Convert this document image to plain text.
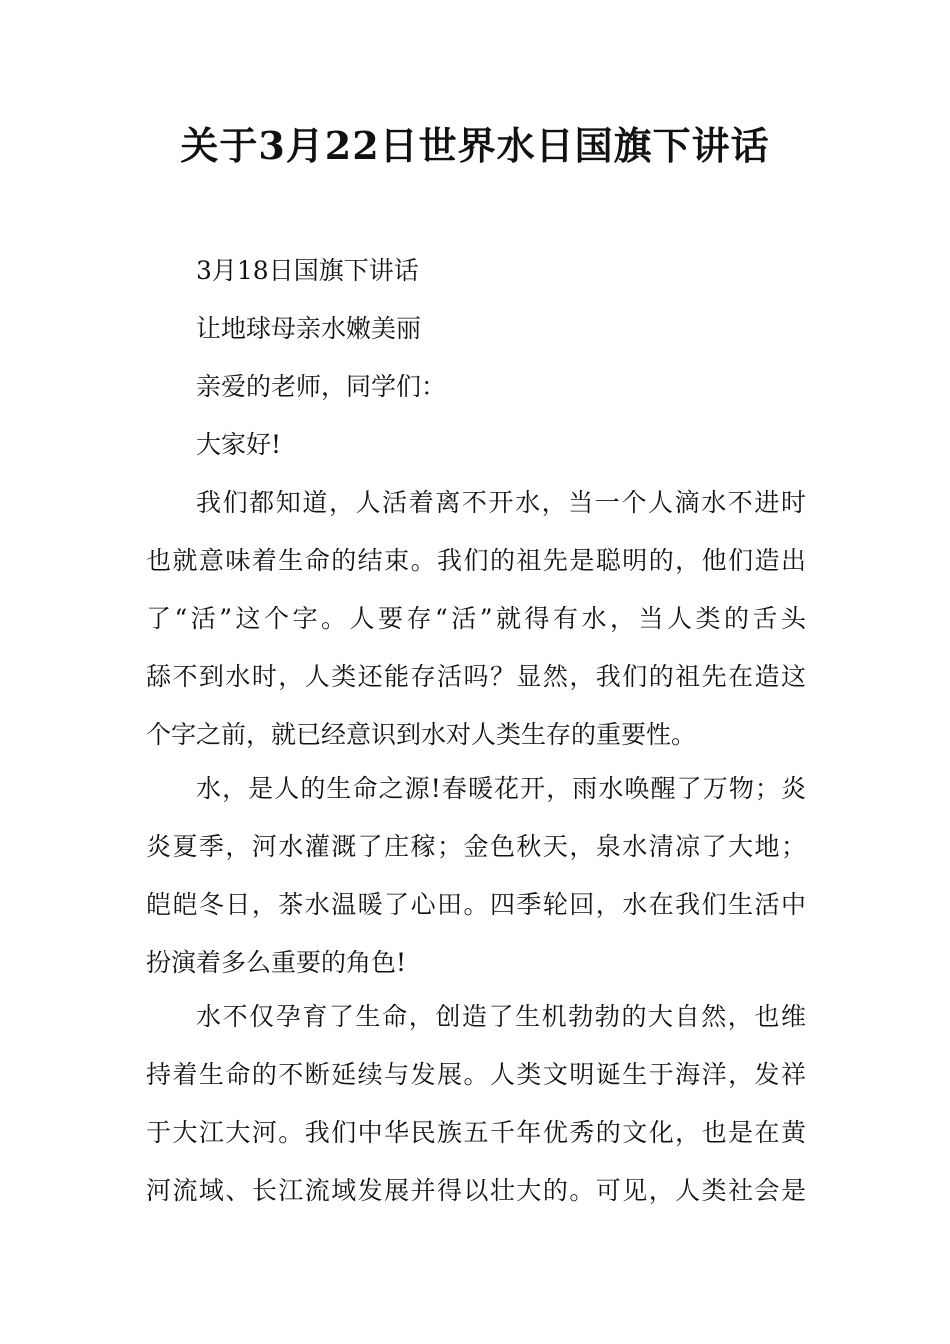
关于3月22日世界水日国旗下讲话
3月18日国旗下讲话
让地球母亲水嫩美丽
亲爱的老师，同学们：
大家好!
我们都知道，人活着离不开水，当一个人滴水不进时
也就意味着生命的结束。我们的祖先是聪明的，他们造出
了“活”这个字。人要存“活”就得有水，当人类的舌头
舔不到水时，人类还能存活吗？显然，我们的祖先在造这
个字之前，就已经意识到水对人类生存的重要性。
水，是人的生命之源!春暖花开，雨水唤醒了万物；炎
炎夏季，河水灌溉了庄稼；金色秋天，泉水清凉了大地；
皑皑冬日，茶水温暖了心田。四季轮回，水在我们生活中
扮演着多么重要的角色!
水不仅孕育了生命，创造了生机勃勃的大自然，也维
持着生命的不断延续与发展。人类文明诞生于海洋，发祥
于大江大河。我们中华民族五千年优秀的文化，也是在黄
河流域、长江流域发展并得以壮大的。可见，人类社会是
